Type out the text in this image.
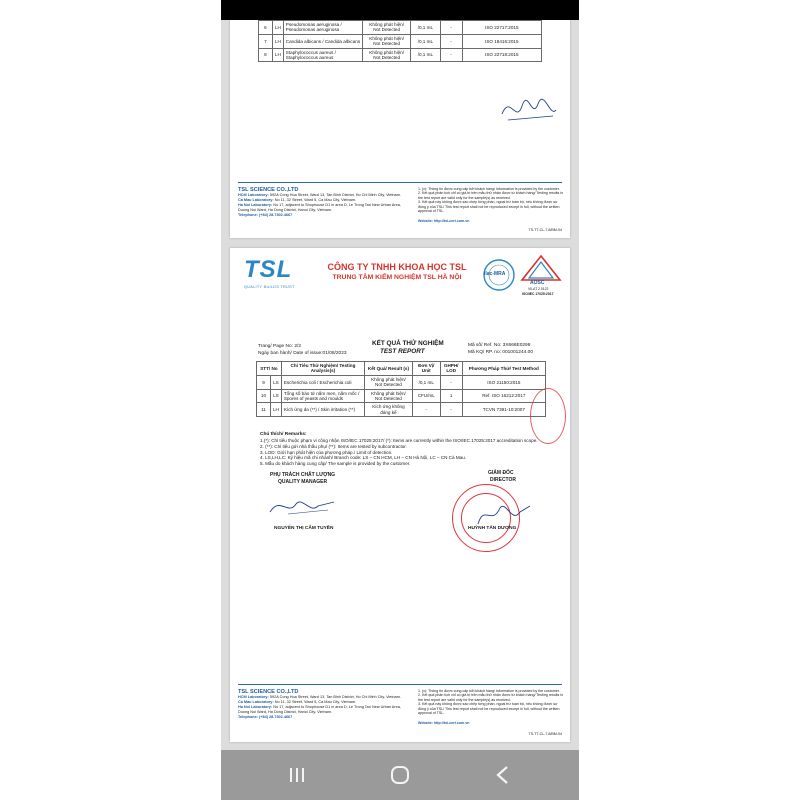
6	LH	Pseudomonas aeruginosa / Pseudomonas aeruginosa	Không phát hiện/ Not Detected	/0,1 mL	-	ISO 22717:2015
7	LH	Candida albicans / Candida albicans	Không phát hiện/ Not Detected	/0,1 mL	-	ISO 18416:2015
8	LH	Staphylococcus aureus / Staphylococcus aureus	Không phát hiện/ Not Detected	/0,1 mL	-	ISO 22718:2015
TSL SCIENCE CO.,LTD
HCM Laboratory: 592A Cong Hoa Street, Ward 13, Tan Binh District, Ho Chi Minh City, Vietnam.
Ca Mau Laboratory: No 11, 32 Street, Ward 5, Ca Mau City, Vietnam.
Ha Noi Laboratory: No 17, adjacent to Shophouse D1 in area D, Le Trong Tan New Urban Area, Duong Noi Ward, Ha Dong District, Hanoi City, Vietnam.
Telephone: (+84) 28.7302.4667
1. (c): Thông tin được cung cấp bởi khách hàng/ Information is provided by the customer.
2. Kết quả phân tích chỉ có giá trị trên mẫu thử nhận được từ khách hàng/ Testing results in the test report are valid only for the sample(s) as received.
3. Kết quả này không được sao chép từng phần, ngoại trừ toàn bộ, nếu không được sự đồng ý của TSL/ This test report shall not be reproduced except in full, without the written approval of TSL.
Website: http://tsl-cert.com.vn
TS-TT-CL-7.8/BM-04
TSL
QUALITY BUILDS TRUST
CÔNG TY TNHH KHOA HỌC TSL
TRUNG TÂM KIỂM NGHIỆM TSL HÀ NỘI	ilac-MRA
AOSC
VILAT 2.0122
ISO/IEC 17025:2017
Trang/ Page No: 2/2
Ngày ban hành/ Date of issue:01/08/2023
KẾT QUẢ THỬ NGHIỆM
TEST REPORT
Mã số/ Ref. No: 3X666E0298
Mã KQ/ RP. no: 001001244.00
STT/ No		Chỉ Tiêu Thử Nghiệm/ Testing Analysis(s)	Kết Quả/ Result (s)	Đơn Vị/ Unit	GHPH/ LOD	Phương Pháp Thử/ Test Method
9	LS	Escherichia coli / Escherichia coli	Không phát hiện/ Not Detected	/0,1 mL	-	ISO 21150:2015
10	LS	Tổng số bào tử nấm men, nấm mốc / Spores of yeasts and moulds	Không phát hiện/ Not Detected	CFU/mL	1	Ref. ISO 16212:2017
11	LH	Kích ứng da (**) / Skin irritation (**)	Kích ứng không đáng kể	-	-	TCVN 7391-10:2007
Chú thích/ Remarks:
1.(*): Chỉ tiêu thuộc phạm vi công nhận ISO/IEC 17025:2017/ (*): Items are currently within the ISO/IEC 17025:2017 accreditation scope.
2. (**): Chỉ tiêu gửi nhà thầu phụ/ (**): Items are tested by subcontractor.
3. LOD: Giới hạn phát hiện của phương pháp./ Limit of detection.
4. LS,LH,LC: Ký hiệu mã chi nhánh/ Branch code: LS – CN HCM, LH – CN Hà Nội, LC – CN Cà Mau.
5. Mẫu do khách hàng cung cấp/ The sample is provided by the customer.
PHỤ TRÁCH CHẤT LƯỢNG
QUALITY MANAGER
NGUYỄN THỊ CẨM TUYỀN
GIÁM ĐỐC
DIRECTOR
HUỲNH TẤN DƯƠNG
TSL SCIENCE CO.,LTD
HCM Laboratory: 592A Cong Hoa Street, Ward 13, Tan Binh District, Ho Chi Minh City, Vietnam.
Ca Mau Laboratory: No 11, 32 Street, Ward 5, Ca Mau City, Vietnam.
Ha Noi Laboratory: No 17, adjacent to Shophouse D1 in area D, Le Trong Tan New Urban Area, Duong Noi Ward, Ha Dong District, Hanoi City, Vietnam.
Telephone: (+84) 28.7302.4667
1. (c): Thông tin được cung cấp bởi khách hàng/ Information is provided by the customer.
2. Kết quả phân tích chỉ có giá trị trên mẫu thử nhận được từ khách hàng/ Testing results in the test report are valid only for the sample(s) as received.
3. Kết quả này không được sao chép từng phần, ngoại trừ toàn bộ, nếu không được sự đồng ý của TSL/ This test report shall not be reproduced except in full, without the written approval of TSL.
Website: http://tsl-cert.com.vn
TS-TT-CL-7.8/BM-04
